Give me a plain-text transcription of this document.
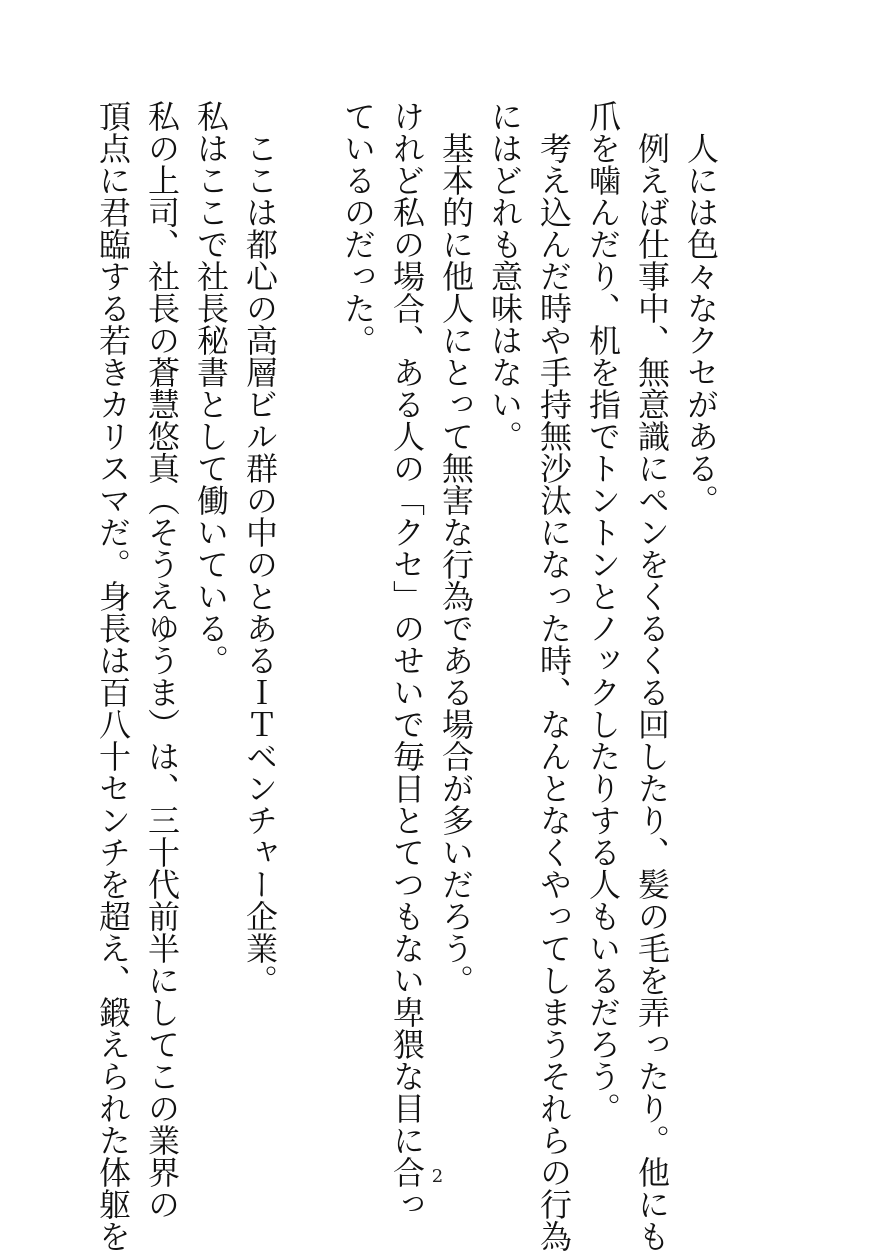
人には色々なクセがある。

例えば仕事中、無意識にペンをくるくる回したり、髪の毛を弄ったり。他にも

爪を噛んだり、机を指でトントンとノックしたりする人もいるだろう。

考え込んだ時や手持無沙汰になった時、なんとなくやってしまうそれらの行為

にはどれも意味はない。

基本的に他人にとって無害な行為である場合が多いだろう。

けれど私の場合、ある人の「クセ」のせいで毎日とてつもない卑猥な目に合っ

ているのだった。

ここは都心の高層ビル群の中のとあるＩＴベンチャー企業。

私はここで社長秘書として働いている。

私の上司、社長の蒼慧悠真（そうえゆうま）は、三十代前半にしてこの業界の

頂点に君臨する若きカリスマだ。身長は百八十センチを超え、鍛えられた体躯を	2
